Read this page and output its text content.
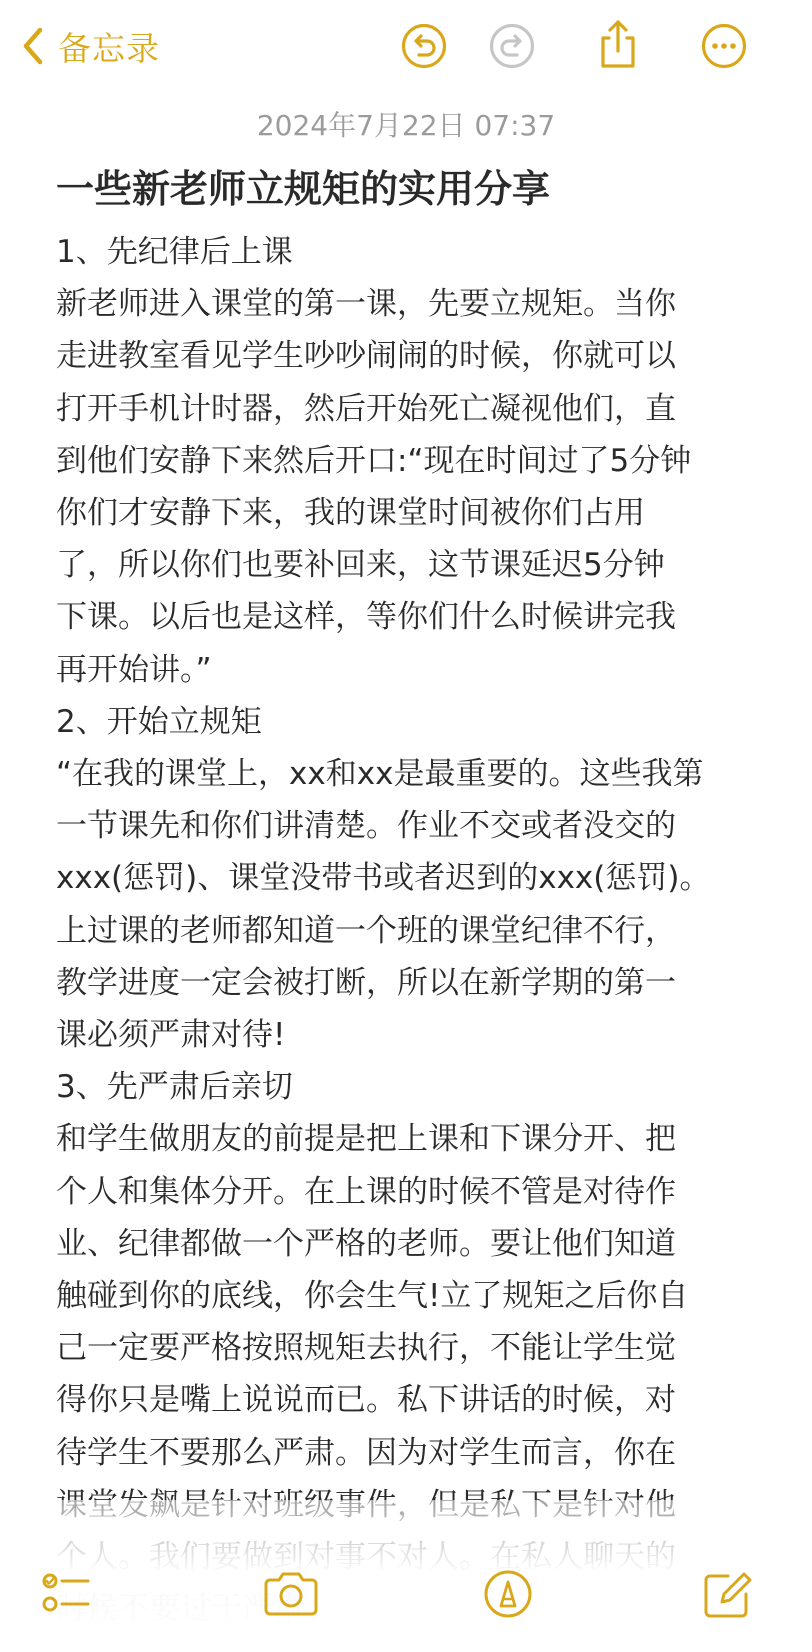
备忘录
2024年7月22日 07:37
一些新老师立规矩的实用分享
1、先纪律后上课
新老师进入课堂的第一课，先要立规矩。当你
走进教室看见学生吵吵闹闹的时候，你就可以
打开手机计时器，然后开始死亡凝视他们，直
到他们安静下来然后开口:“现在时间过了5分钟
你们才安静下来，我的课堂时间被你们占用
了，所以你们也要补回来，这节课延迟5分钟
下课。以后也是这样，等你们什么时候讲完我
再开始讲。”
2、开始立规矩
“在我的课堂上，xx和xx是最重要的。这些我第
一节课先和你们讲清楚。作业不交或者没交的
xxx(惩罚)、课堂没带书或者迟到的xxx(惩罚)。
上过课的老师都知道一个班的课堂纪律不行，
教学进度一定会被打断，所以在新学期的第一
课必须严肃对待!
3、先严肃后亲切
和学生做朋友的前提是把上课和下课分开、把
个人和集体分开。在上课的时候不管是对待作
业、纪律都做一个严格的老师。要让他们知道
触碰到你的底线，你会生气!立了规矩之后你自
己一定要严格按照规矩去执行，不能让学生觉
得你只是嘴上说说而已。私下讲话的时候，对
待学生不要那么严肃。因为对学生而言，你在
